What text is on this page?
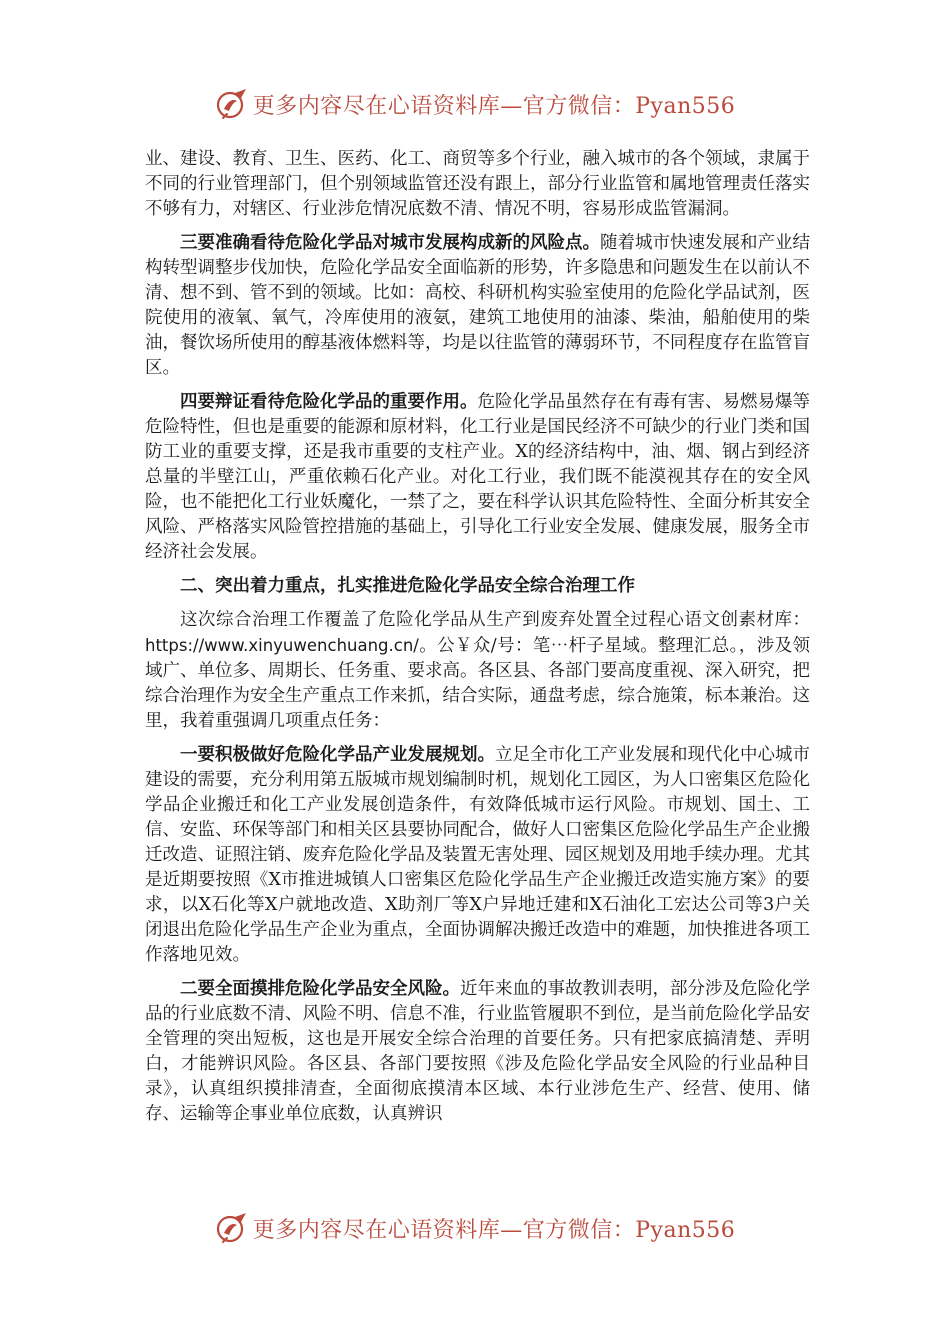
更多内容尽在心语资料库—官方微信：Pyan556

业、建设、教育、卫生、医药、化工、商贸等多个行业，融入城市的各个领域，隶属于不同的行业管理部门，但个别领域监管还没有跟上，部分行业监管和属地管理责任落实不够有力，对辖区、行业涉危情况底数不清、情况不明，容易形成监管漏洞。

三要准确看待危险化学品对城市发展构成新的风险点。随着城市快速发展和产业结构转型调整步伐加快，危险化学品安全面临新的形势，许多隐患和问题发生在以前认不清、想不到、管不到的领域。比如：高校、科研机构实验室使用的危险化学品试剂，医院使用的液氧、氧气，冷库使用的液氨，建筑工地使用的油漆、柴油，船舶使用的柴油，餐饮场所使用的醇基液体燃料等，均是以往监管的薄弱环节，不同程度存在监管盲区。

四要辩证看待危险化学品的重要作用。危险化学品虽然存在有毒有害、易燃易爆等危险特性，但也是重要的能源和原材料，化工行业是国民经济不可缺少的行业门类和国防工业的重要支撑，还是我市重要的支柱产业。X的经济结构中，油、烟、钢占到经济总量的半壁江山，严重依赖石化产业。对化工行业，我们既不能漠视其存在的安全风险，也不能把化工行业妖魔化，一禁了之，要在科学认识其危险特性、全面分析其安全风险、严格落实风险管控措施的基础上，引导化工行业安全发展、健康发展，服务全市经济社会发展。

二、突出着力重点，扎实推进危险化学品安全综合治理工作

这次综合治理工作覆盖了危险化学品从生产到废弃处置全过程心语文创素材库：https://www.xinyuwenchuang.cn/。公￥众/号：笔⋯杆子星域。整理汇总。，涉及领域广、单位多、周期长、任务重、要求高。各区县、各部门要高度重视、深入研究，把综合治理作为安全生产重点工作来抓，结合实际，通盘考虑，综合施策，标本兼治。这里，我着重强调几项重点任务：

一要积极做好危险化学品产业发展规划。立足全市化工产业发展和现代化中心城市建设的需要，充分利用第五版城市规划编制时机，规划化工园区，为人口密集区危险化学品企业搬迁和化工产业发展创造条件，有效降低城市运行风险。市规划、国土、工信、安监、环保等部门和相关区县要协同配合，做好人口密集区危险化学品生产企业搬迁改造、证照注销、废弃危险化学品及装置无害处理、园区规划及用地手续办理。尤其是近期要按照《X市推进城镇人口密集区危险化学品生产企业搬迁改造实施方案》的要求，以X石化等X户就地改造、X助剂厂等X户异地迁建和X石油化工宏达公司等3户关闭退出危险化学品生产企业为重点，全面协调解决搬迁改造中的难题，加快推进各项工作落地见效。

二要全面摸排危险化学品安全风险。近年来血的事故教训表明，部分涉及危险化学品的行业底数不清、风险不明、信息不准，行业监管履职不到位，是当前危险化学品安全管理的突出短板，这也是开展安全综合治理的首要任务。只有把家底搞清楚、弄明白，才能辨识风险。各区县、各部门要按照《涉及危险化学品安全风险的行业品种目录》，认真组织摸排清查，全面彻底摸清本区域、本行业涉危生产、经营、使用、储存、运输等企事业单位底数，认真辨识

更多内容尽在心语资料库—官方微信：Pyan556
